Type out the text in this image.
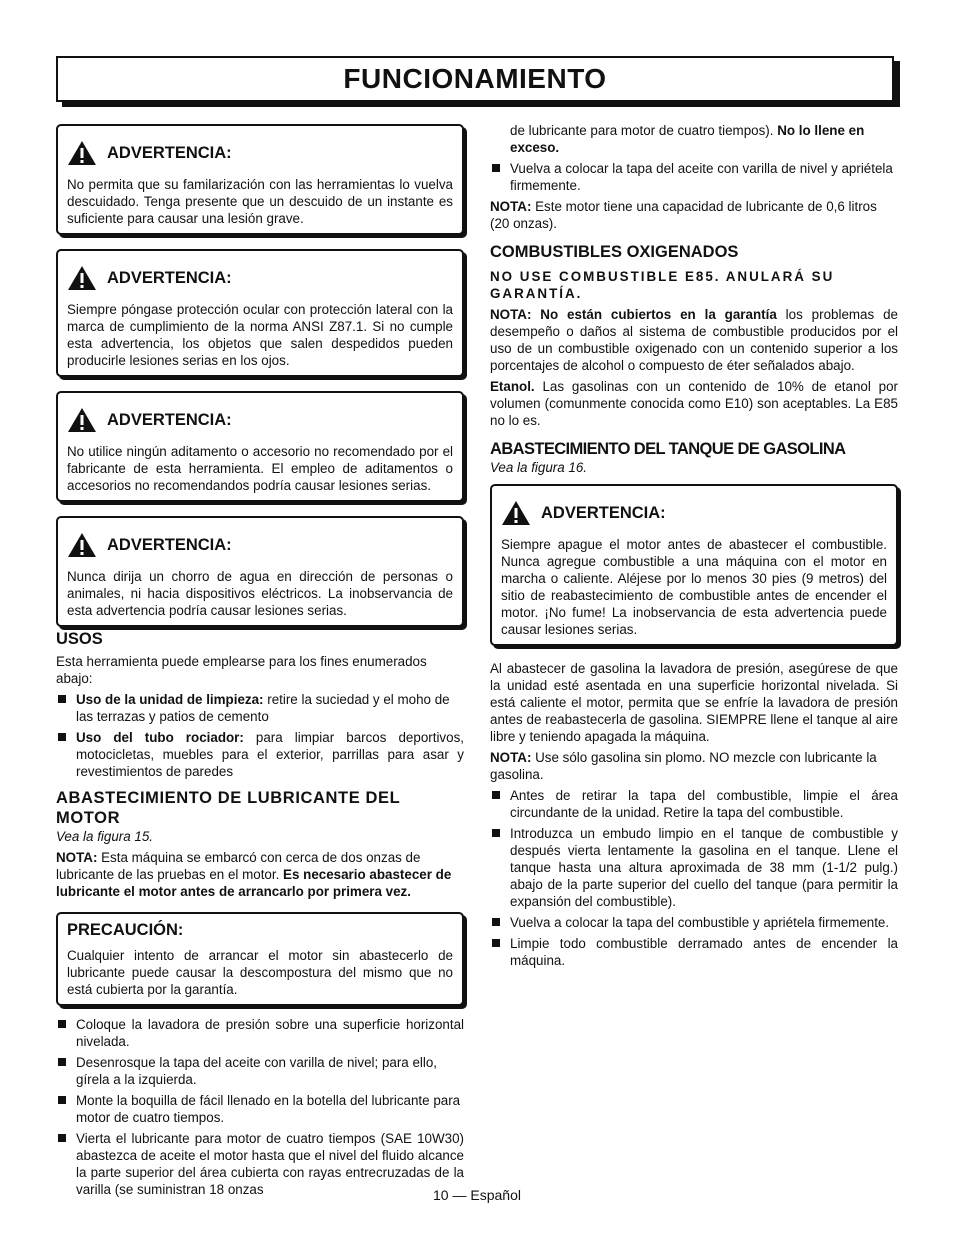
FUNCIONAMIENTO
ADVERTENCIA:

No permita que su familarización con las herramientas lo vuelva descuidado. Tenga presente que un descuido de un instante es suficiente para causar una lesión grave.

ADVERTENCIA:

Siempre póngase protección ocular con protección lateral con la marca de cumplimiento de la norma ANSI Z87.1. Si no cumple esta advertencia, los objetos que salen despedidos pueden producirle lesiones serias en los ojos.

ADVERTENCIA:

No utilice ningún aditamento o accesorio no recomendado por el fabricante de esta herramienta. El empleo de aditamentos o accesorios no recomendandos podría causar lesiones serias.

ADVERTENCIA:

Nunca dirija un chorro de agua en dirección de personas o animales, ni hacia dispositivos eléctricos. La inobservancia de esta advertencia podría causar lesiones serias.

USOS

Esta herramienta puede emplearse para los fines enumerados abajo:

Uso de la unidad de limpieza: retire la suciedad y el moho de las terrazas y patios de cemento
Uso del tubo rociador: para limpiar barcos deportivos, motocicletas, muebles para el exterior, parrillas para asar y revestimientos de paredes
ABASTECIMIENTO DE LUBRICANTE DEL MOTOR

Vea la figura 15.

NOTA: Esta máquina se embarcó con cerca de dos onzas de lubricante de las pruebas en el motor. Es necesario abastecer de lubricante el motor antes de arrancarlo por primera vez.

PRECAUCIÓN:

Cualquier intento de arrancar el motor sin abastecerlo de lubricante puede causar la descompostura del mismo que no está cubierta por la garantía.

Coloque la lavadora de presión sobre una superficie horizontal nivelada.
Desenrosque la tapa del aceite con varilla de nivel; para ello, gírela a la izquierda.
Monte la boquilla de fácil llenado en la botella del lubricante para motor de cuatro tiempos.
Vierta el lubricante para motor de cuatro tiempos (SAE 10W30) abastezca de aceite el motor hasta que el nivel del fluido alcance la parte superior del área cubierta con rayas entrecruzadas de la varilla (se suministran 18 onzas

de lubricante para motor de cuatro tiempos). No lo llene en exceso.

Vuelva a colocar la tapa del aceite con varilla de nivel y apriétela firmemente.

NOTA: Este motor tiene una capacidad de lubricante de 0,6 litros (20 onzas).

COMBUSTIBLES OXIGENADOS

NO USE COMBUSTIBLE E85. ANULARÁ SU GARANTÍA.

NOTA: No están cubiertos en la garantía los problemas de desempeño o daños al sistema de combustible producidos por el uso de un combustible oxigenado con un contenido superior a los porcentajes de alcohol o compuesto de éter señalados abajo.

Etanol. Las gasolinas con un contenido de 10% de etanol por volumen (comunmente conocida como E10) son aceptables. La E85 no lo es.

ABASTECIMIENTO DEL TANQUE DE GASOLINA

Vea la figura 16.

ADVERTENCIA:

Siempre apague el motor antes de abastecer el combustible. Nunca agregue combustible a una máquina con el motor en marcha o caliente. Aléjese por lo menos 30 pies (9 metros) del sitio de reabastecimiento de combustible antes de encender el motor. ¡No fume! La inobservancia de esta advertencia puede causar lesiones serias.

Al abastecer de gasolina la lavadora de presión, asegúrese de que la unidad esté asentada en una superficie horizontal nivelada. Si está caliente el motor, permita que se enfríe la lavadora de presión antes de reabastecerla de gasolina. SIEMPRE llene el tanque al aire libre y teniendo apagada la máquina.

NOTA: Use sólo gasolina sin plomo. NO mezcle con lubricante la gasolina.

Antes de retirar la tapa del combustible, limpie el área circundante de la unidad. Retire la tapa del combustible.
Introduzca un embudo limpio en el tanque de combustible y después vierta lentamente la gasolina en el tanque. Llene el tanque hasta una altura aproximada de 38 mm (1-1/2 pulg.) abajo de la parte superior del cuello del tanque (para permitir la expansión del combustible).
Vuelva a colocar la tapa del combustible y apriétela firmemente.
Limpie todo combustible derramado antes de encender la máquina.
10 — Español
